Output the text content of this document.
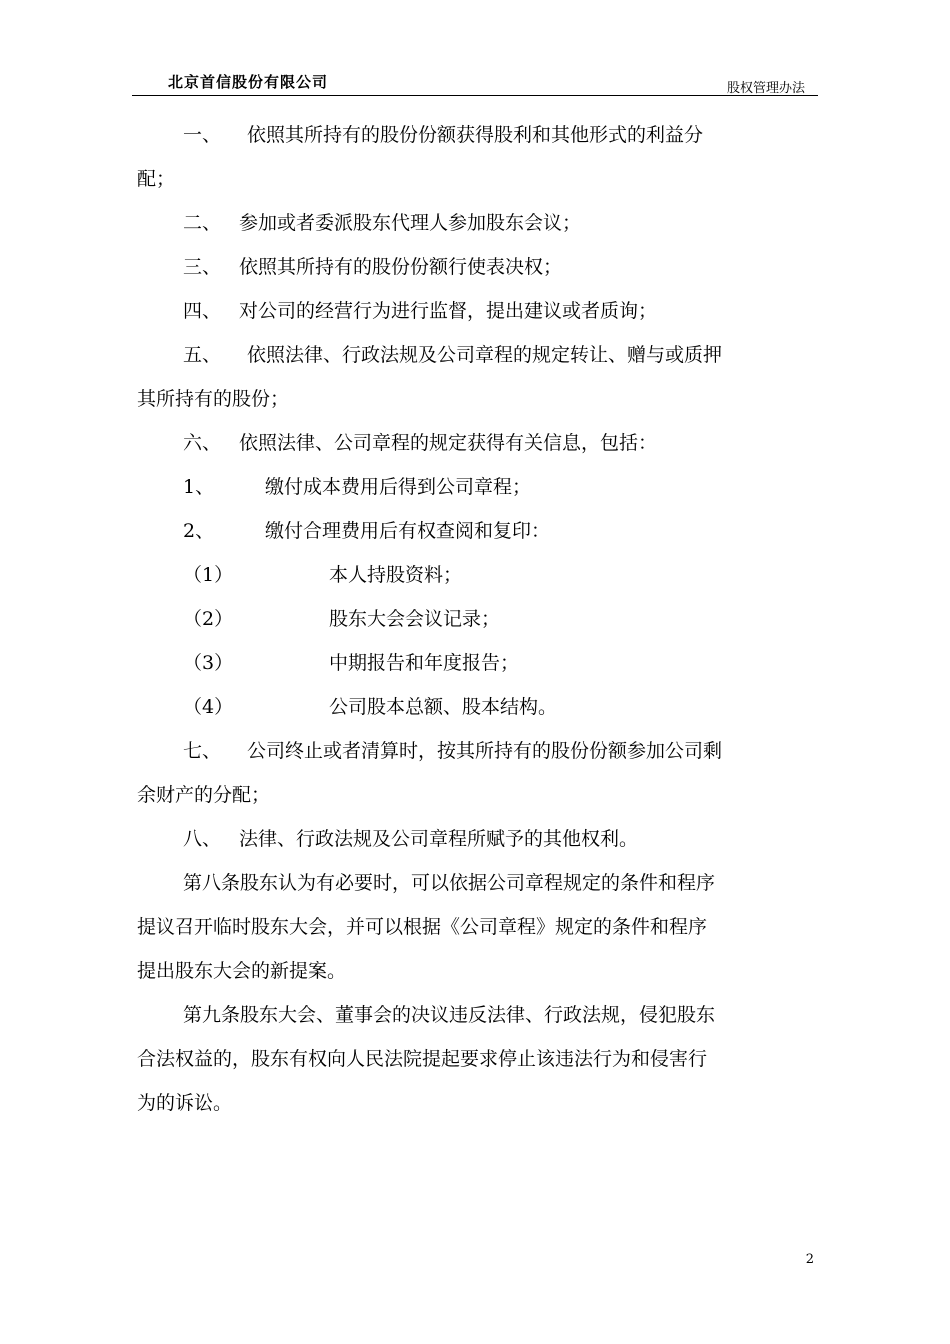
北京首信股份有限公司	股权管理办法
一、	依照其所持有的股份份额获得股利和其他形式的利益分

配；

二、 参加或者委派股东代理人参加股东会议；
三、 依照其所持有的股份份额行使表决权；
四、 对公司的经营行为进行监督，提出建议或者质询；
五、	依照法律、行政法规及公司章程的规定转让、赠与或质押

其所持有的股份；

六、 依照法律、公司章程的规定获得有关信息，包括：
1、	缴付成本费用后得到公司章程；
2、	缴付合理费用后有权查阅和复印：
（1）	本人持股资料；
（2）	股东大会会议记录；
（3）	中期报告和年度报告；
（4）	公司股本总额、股本结构。
七、	公司终止或者清算时，按其所持有的股份份额参加公司剩

余财产的分配；

八、 法律、行政法规及公司章程所赋予的其他权利。

第八条股东认为有必要时，可以依据公司章程规定的条件和程序

提议召开临时股东大会，并可以根据《公司章程》规定的条件和程序

提出股东大会的新提案。

第九条股东大会、董事会的决议违反法律、行政法规，侵犯股东

合法权益的，股东有权向人民法院提起要求停止该违法行为和侵害行

为的诉讼。

2
